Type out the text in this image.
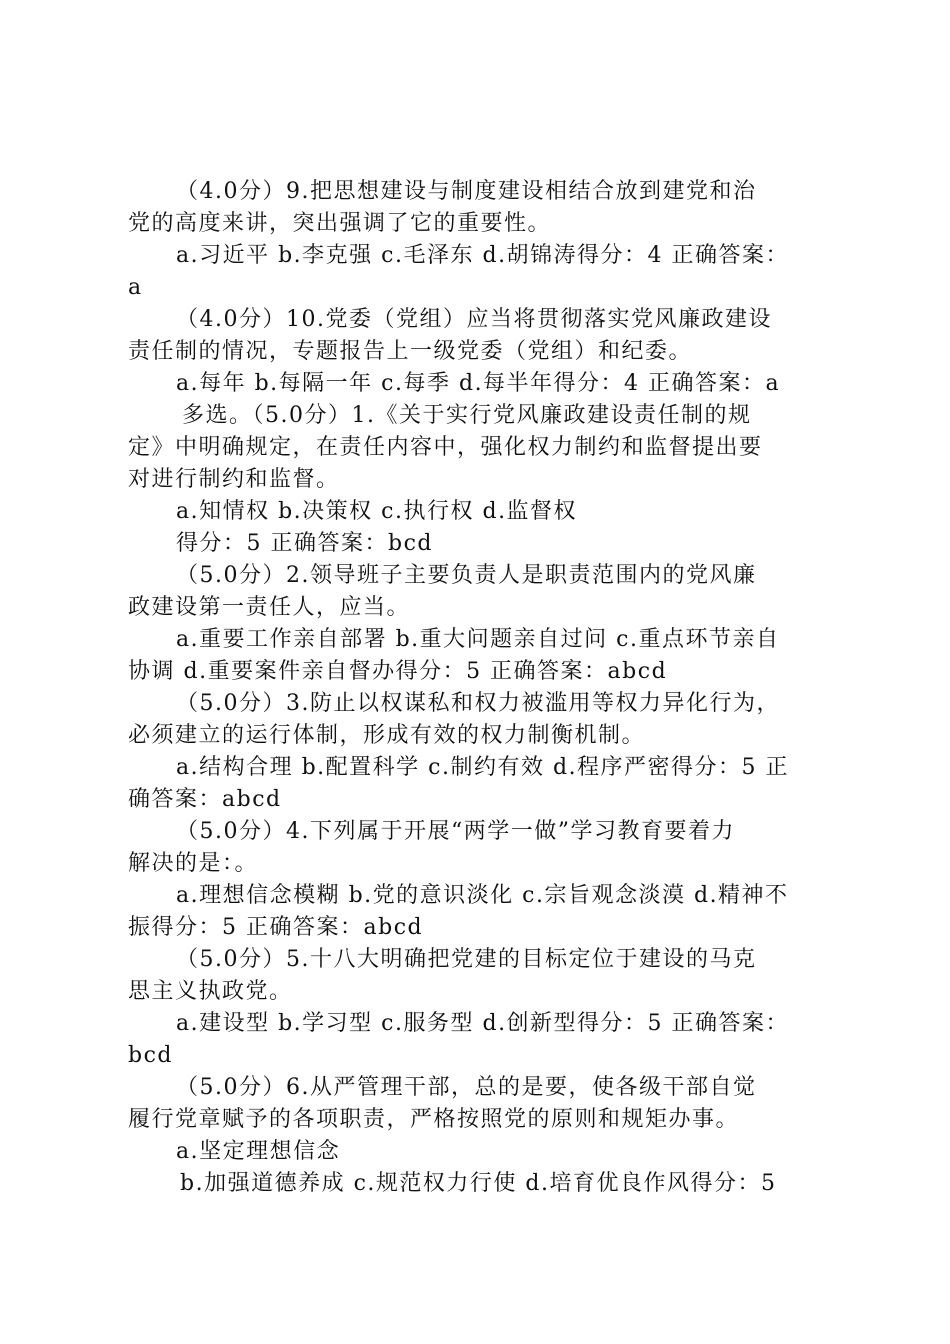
（4.0分）9.把思想建设与制度建设相结合放到建党和治
党的高度来讲，突出强调了它的重要性。
a.习近平 b.李克强 c.毛泽东 d.胡锦涛得分：4 正确答案：
a
（4.0分）10.党委（党组）应当将贯彻落实党风廉政建设
责任制的情况，专题报告上一级党委（党组）和纪委。
a.每年 b.每隔一年 c.每季 d.每半年得分：4 正确答案：a
多选。（5.0分）1.《关于实行党风廉政建设责任制的规
定》中明确规定，在责任内容中，强化权力制约和监督提出要
对进行制约和监督。
a.知情权 b.决策权 c.执行权 d.监督权
得分：5 正确答案：bcd
（5.0分）2.领导班子主要负责人是职责范围内的党风廉
政建设第一责任人，应当。
a.重要工作亲自部署 b.重大问题亲自过问 c.重点环节亲自
协调 d.重要案件亲自督办得分：5 正确答案：abcd
（5.0分）3.防止以权谋私和权力被滥用等权力异化行为，
必须建立的运行体制，形成有效的权力制衡机制。
a.结构合理 b.配置科学 c.制约有效 d.程序严密得分：5 正
确答案：abcd
（5.0分）4.下列属于开展“两学一做”学习教育要着力
解决的是：。
a.理想信念模糊 b.党的意识淡化 c.宗旨观念淡漠 d.精神不
振得分：5 正确答案：abcd
（5.0分）5.十八大明确把党建的目标定位于建设的马克
思主义执政党。
a.建设型 b.学习型 c.服务型 d.创新型得分：5 正确答案：
bcd
（5.0分）6.从严管理干部，总的是要，使各级干部自觉
履行党章赋予的各项职责，严格按照党的原则和规矩办事。
a.坚定理想信念
b.加强道德养成 c.规范权力行使 d.培育优良作风得分：5
